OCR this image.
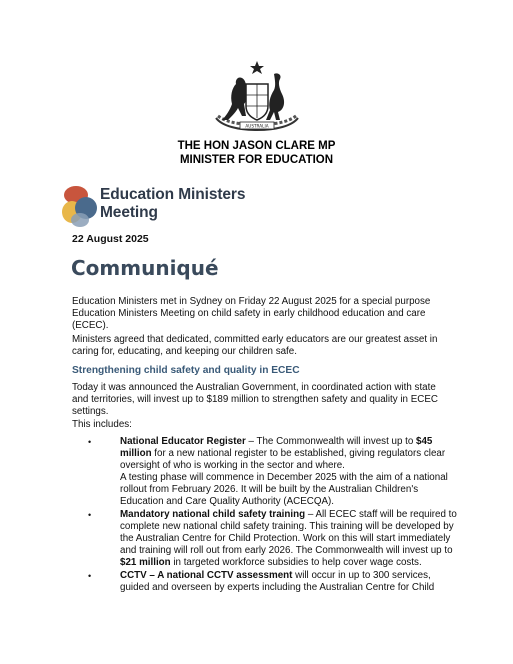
AUSTRALIA
THE HON JASON CLARE MP
MINISTER FOR EDUCATION
Education Ministers
Meeting
22 August 2025
Communiqué

Education Ministers met in Sydney on Friday 22 August 2025 for a special purpose Education Ministers Meeting on child safety in early childhood education and care (ECEC).

Ministers agreed that dedicated, committed early educators are our greatest asset in caring for, educating, and keeping our children safe.

Strengthening child safety and quality in ECEC

Today it was announced the Australian Government, in coordinated action with state and territories, will invest up to $189 million to strengthen safety and quality in ECEC settings.

This includes:

•	National Educator Register – The Commonwealth will invest up to $45 million for a new national register to be established, giving regulators clear oversight of who is working in the sector and where.
A testing phase will commence in December 2025 with the aim of a national rollout from February 2026. It will be built by the Australian Children's Education and Care Quality Authority (ACECQA).
•	Mandatory national child safety training – All ECEC staff will be required to complete new national child safety training. This training will be developed by the Australian Centre for Child Protection. Work on this will start immediately and training will roll out from early 2026. The Commonwealth will invest up to $21 million in targeted workforce subsidies to help cover wage costs.
•	CCTV – A national CCTV assessment will occur in up to 300 services, guided and overseen by experts including the Australian Centre for Child
